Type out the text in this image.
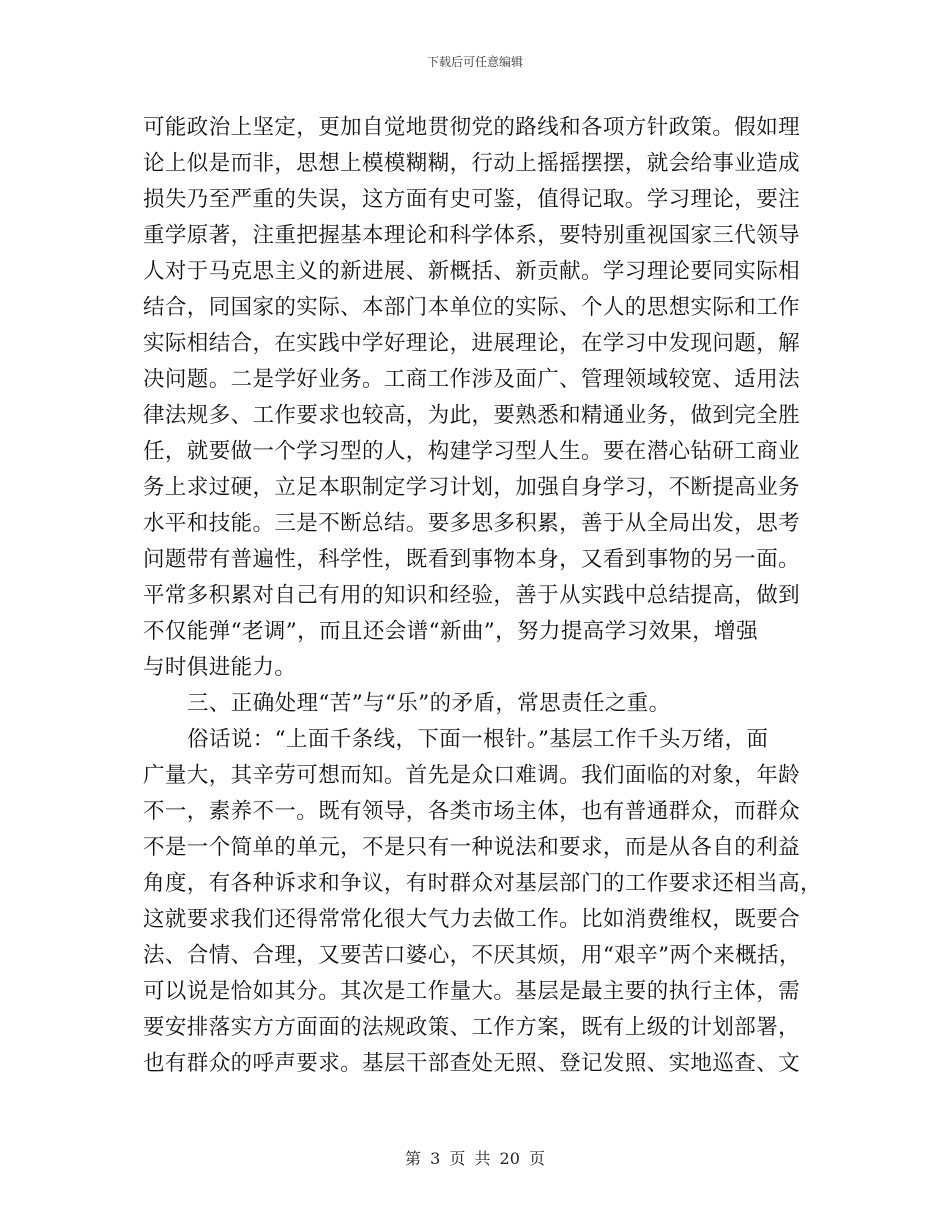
下载后可任意编辑
可能政治上坚定，更加自觉地贯彻党的路线和各项方针政策。假如理
论上似是而非，思想上模模糊糊，行动上摇摇摆摆，就会给事业造成
损失乃至严重的失误，这方面有史可鉴，值得记取。学习理论，要注
重学原著，注重把握基本理论和科学体系，要特别重视国家三代领导
人对于马克思主义的新进展、新概括、新贡献。学习理论要同实际相
结合，同国家的实际、本部门本单位的实际、个人的思想实际和工作
实际相结合，在实践中学好理论，进展理论，在学习中发现问题，解
决问题。二是学好业务。工商工作涉及面广、管理领域较宽、适用法
律法规多、工作要求也较高，为此，要熟悉和精通业务，做到完全胜
任，就要做一个学习型的人，构建学习型人生。要在潜心钻研工商业
务上求过硬，立足本职制定学习计划，加强自身学习，不断提高业务
水平和技能。三是不断总结。要多思多积累，善于从全局出发，思考
问题带有普遍性，科学性，既看到事物本身，又看到事物的另一面。
平常多积累对自己有用的知识和经验，善于从实践中总结提高，做到
不仅能弹“老调”，而且还会谱“新曲”，努力提高学习效果，增强
与时俱进能力。
三、正确处理“苦”与“乐”的矛盾，常思责任之重。
俗话说：“上面千条线，下面一根针。”基层工作千头万绪，面
广量大，其辛劳可想而知。首先是众口难调。我们面临的对象，年龄
不一，素养不一。既有领导，各类市场主体，也有普通群众，而群众
不是一个简单的单元，不是只有一种说法和要求，而是从各自的利益
角度，有各种诉求和争议，有时群众对基层部门的工作要求还相当高，
这就要求我们还得常常化很大气力去做工作。比如消费维权，既要合
法、合情、合理，又要苦口婆心，不厌其烦，用“艰辛”两个来概括，
可以说是恰如其分。其次是工作量大。基层是最主要的执行主体，需
要安排落实方方面面的法规政策、工作方案，既有上级的计划部署，
也有群众的呼声要求。基层干部查处无照、登记发照、实地巡查、文
第 3 页 共 20 页
